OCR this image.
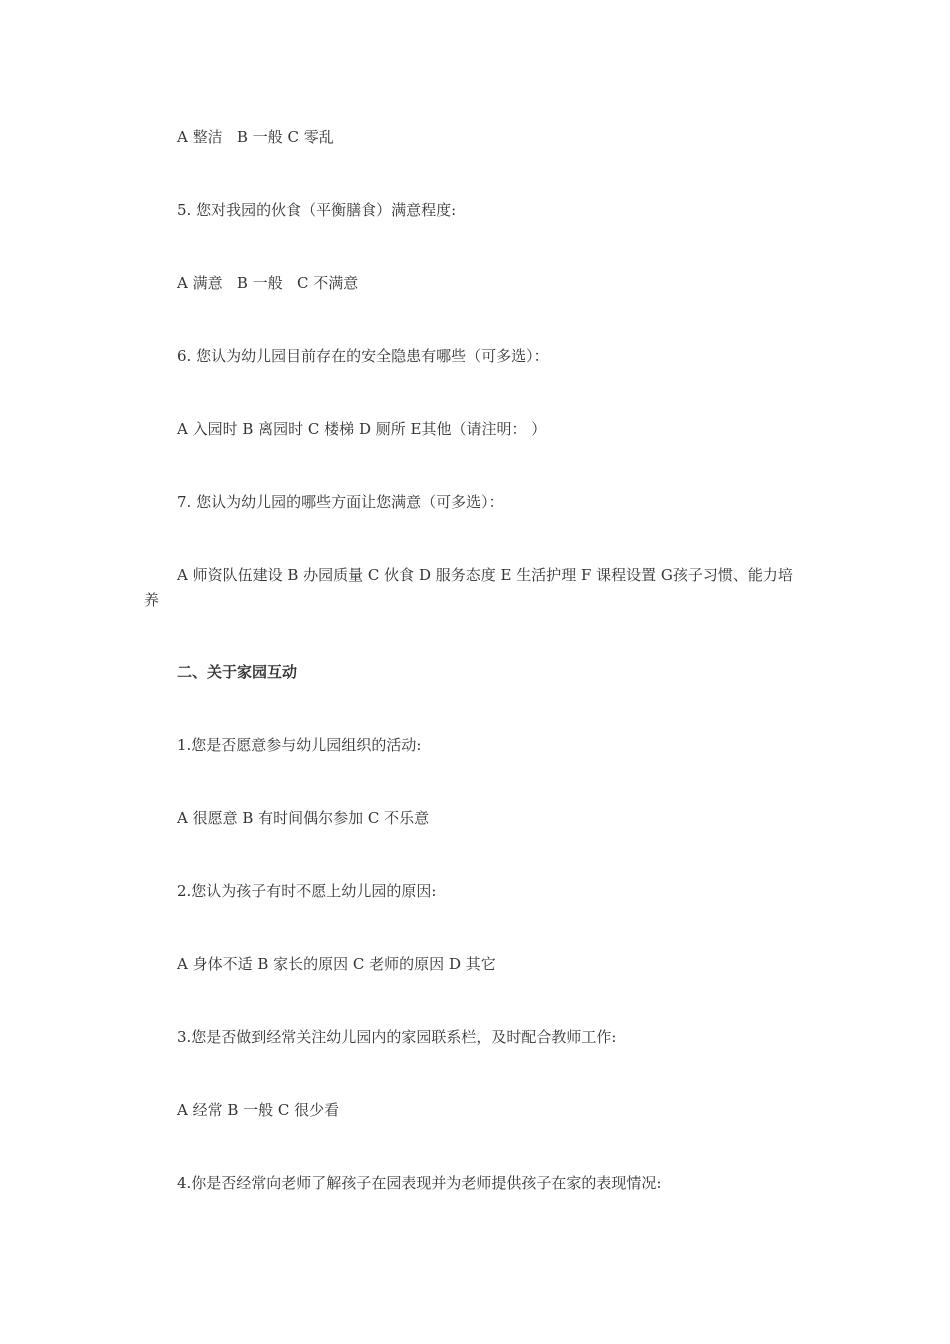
A 整洁   B 一般 C 零乱
5. 您对我园的伙食（平衡膳食）满意程度:
A 满意   B 一般   C 不满意
6. 您认为幼儿园目前存在的安全隐患有哪些（可多选）：
A 入园时 B 离园时 C 楼梯 D 厕所 E其他（请注明： ）
7. 您认为幼儿园的哪些方面让您满意（可多选）：
A 师资队伍建设 B 办园质量 C 伙食 D 服务态度 E 生活护理 F 课程设置 G孩子习惯、能力培养
二、关于家园互动
1.您是否愿意参与幼儿园组织的活动:
A 很愿意 B 有时间偶尔参加 C 不乐意
2.您认为孩子有时不愿上幼儿园的原因:
A 身体不适 B 家长的原因 C 老师的原因 D 其它
3.您是否做到经常关注幼儿园内的家园联系栏，及时配合教师工作:
A 经常 B 一般 C 很少看
4.你是否经常向老师了解孩子在园表现并为老师提供孩子在家的表现情况:
